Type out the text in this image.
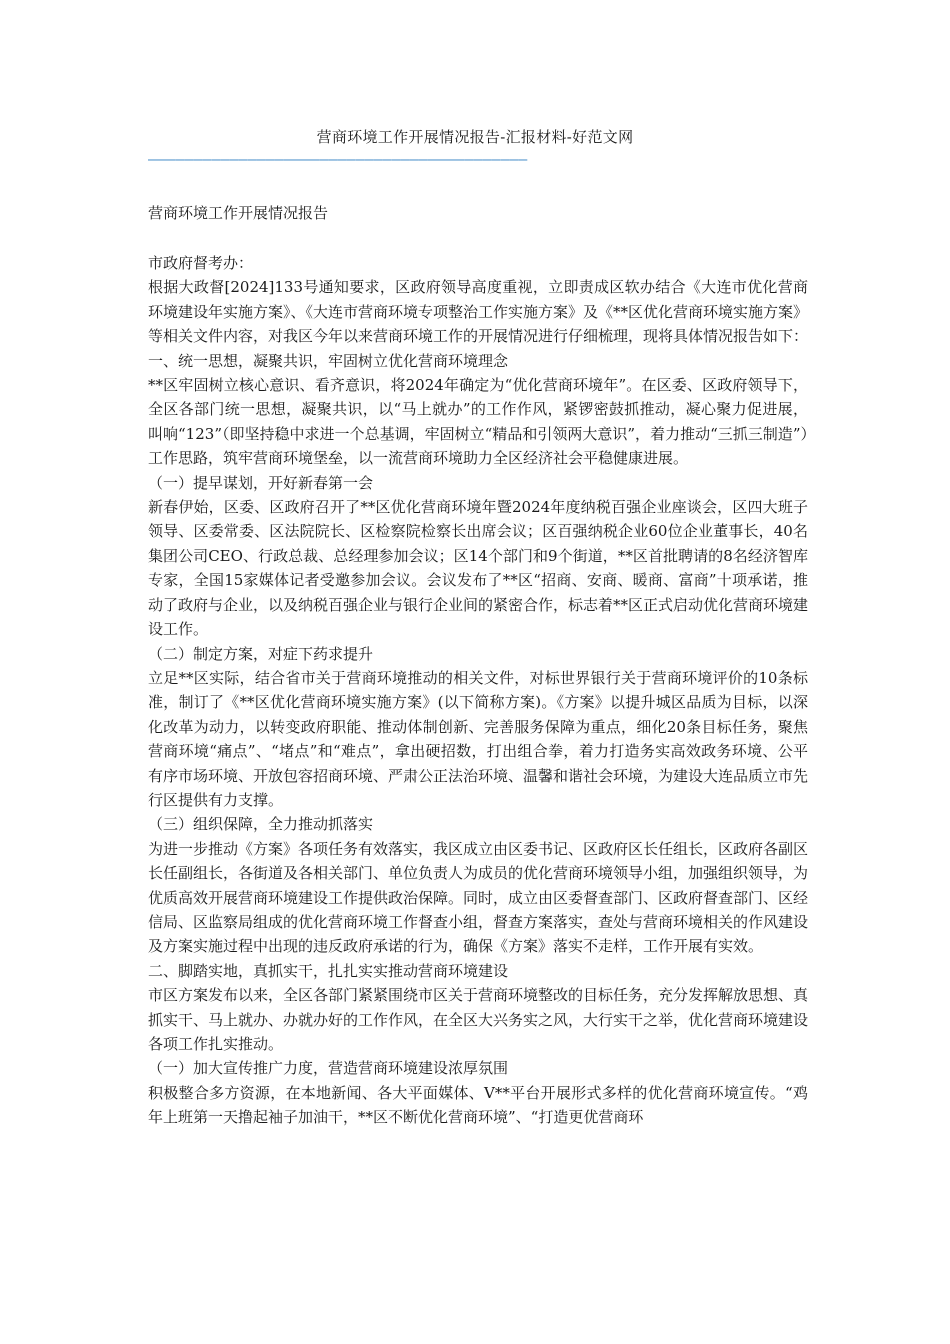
营商环境工作开展情况报告-汇报材料-好范文网
——————————————————————————————————————————
营商环境工作开展情况报告

市政府督考办：

根据大政督[2024]133号通知要求，区政府领导高度重视，立即责成区软办结合《大连市优化营商环境建设年实施方案》、《大连市营商环境专项整治工作实施方案》及《**区优化营商环境实施方案》等相关文件内容，对我区今年以来营商环境工作的开展情况进行仔细梳理，现将具体情况报告如下：

一、统一思想，凝聚共识，牢固树立优化营商环境理念

**区牢固树立核心意识、看齐意识，将2024年确定为“优化营商环境年”。在区委、区政府领导下，全区各部门统一思想，凝聚共识，以“马上就办”的工作作风，紧锣密鼓抓推动，凝心聚力促进展，叫响“123”（即坚持稳中求进一个总基调，牢固树立“精品和引领两大意识”，着力推动“三抓三制造”）工作思路，筑牢营商环境堡垒，以一流营商环境助力全区经济社会平稳健康进展。

（一）提早谋划，开好新春第一会

新春伊始，区委、区政府召开了**区优化营商环境年暨2024年度纳税百强企业座谈会，区四大班子领导、区委常委、区法院院长、区检察院检察长出席会议；区百强纳税企业60位企业董事长，40名集团公司CEO、行政总裁、总经理参加会议；区14个部门和9个街道，**区首批聘请的8名经济智库专家，全国15家媒体记者受邀参加会议。会议发布了**区“招商、安商、暖商、富商”十项承诺，推动了政府与企业，以及纳税百强企业与银行企业间的紧密合作，标志着**区正式启动优化营商环境建设工作。

（二）制定方案，对症下药求提升

立足**区实际，结合省市关于营商环境推动的相关文件，对标世界银行关于营商环境评价的10条标准，制订了《**区优化营商环境实施方案》(以下简称方案)。《方案》以提升城区品质为目标，以深化改革为动力，以转变政府职能、推动体制创新、完善服务保障为重点，细化20条目标任务，聚焦营商环境“痛点”、“堵点”和“难点”，拿出硬招数，打出组合拳，着力打造务实高效政务环境、公平有序市场环境、开放包容招商环境、严肃公正法治环境、温馨和谐社会环境，为建设大连品质立市先行区提供有力支撑。

（三）组织保障，全力推动抓落实

为进一步推动《方案》各项任务有效落实，我区成立由区委书记、区政府区长任组长，区政府各副区长任副组长，各街道及各相关部门、单位负责人为成员的优化营商环境领导小组，加强组织领导，为优质高效开展营商环境建设工作提供政治保障。同时，成立由区委督查部门、区政府督查部门、区经信局、区监察局组成的优化营商环境工作督查小组，督查方案落实，查处与营商环境相关的作风建设及方案实施过程中出现的违反政府承诺的行为，确保《方案》落实不走样，工作开展有实效。

二、脚踏实地，真抓实干，扎扎实实推动营商环境建设

市区方案发布以来，全区各部门紧紧围绕市区关于营商环境整改的目标任务，充分发挥解放思想、真抓实干、马上就办、办就办好的工作作风，在全区大兴务实之风，大行实干之举，优化营商环境建设各项工作扎实推动。

（一）加大宣传推广力度，营造营商环境建设浓厚氛围

积极整合多方资源，在本地新闻、各大平面媒体、V**平台开展形式多样的优化营商环境宣传。“鸡年上班第一天撸起袖子加油干，**区不断优化营商环境”、“打造更优营商环
